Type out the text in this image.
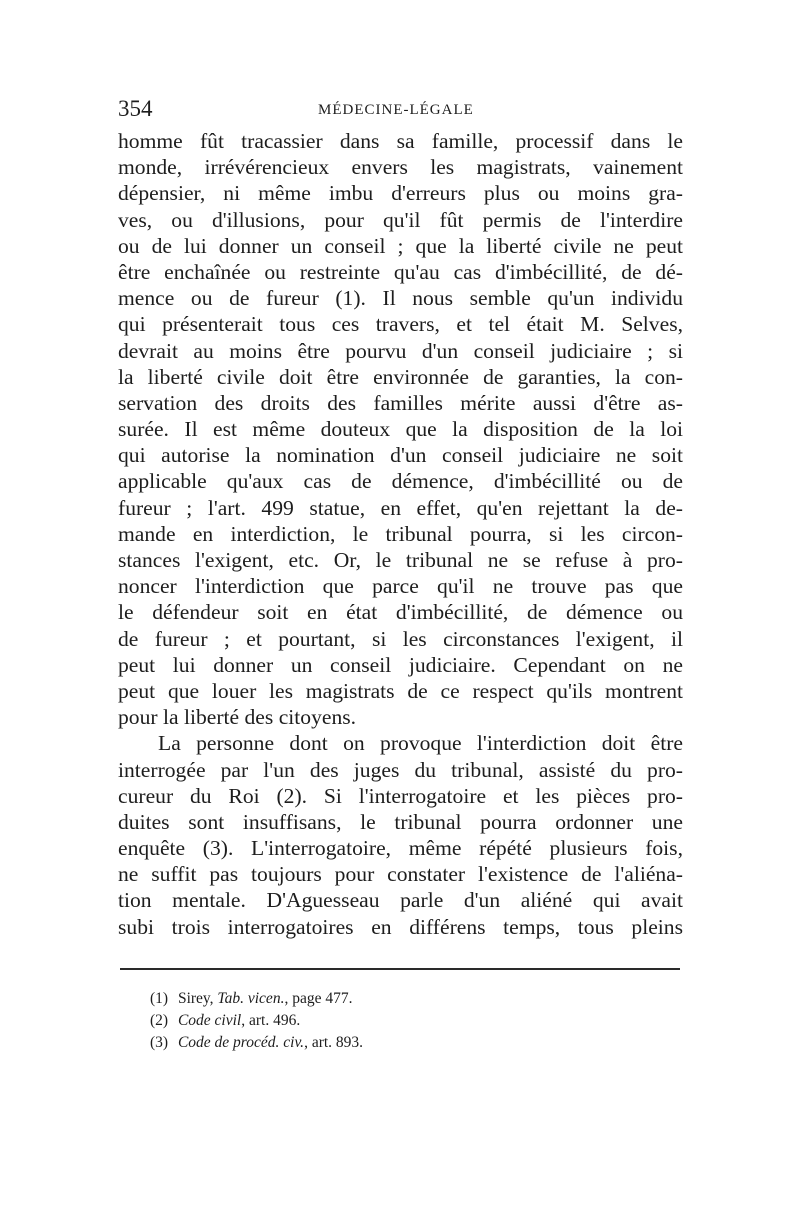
354	MÉDECINE-LÉGALE
homme fût tracassier dans sa famille, processif dans le
monde, irrévérencieux envers les magistrats, vainement
dépensier, ni même imbu d'erreurs plus ou moins gra-
ves, ou d'illusions, pour qu'il fût permis de l'interdire
ou de lui donner un conseil ; que la liberté civile ne peut
être enchaînée ou restreinte qu'au cas d'imbécillité, de dé-
mence ou de fureur (1). Il nous semble qu'un individu
qui présenterait tous ces travers, et tel était M. Selves,
devrait au moins être pourvu d'un conseil judiciaire ; si
la liberté civile doit être environnée de garanties, la con-
servation des droits des familles mérite aussi d'être as-
surée. Il est même douteux que la disposition de la loi
qui autorise la nomination d'un conseil judiciaire ne soit
applicable qu'aux cas de démence, d'imbécillité ou de
fureur ; l'art. 499 statue, en effet, qu'en rejettant la de-
mande en interdiction, le tribunal pourra, si les circon-
stances l'exigent, etc. Or, le tribunal ne se refuse à pro-
noncer l'interdiction que parce qu'il ne trouve pas que
le défendeur soit en état d'imbécillité, de démence ou
de fureur ; et pourtant, si les circonstances l'exigent, il
peut lui donner un conseil judiciaire. Cependant on ne
peut que louer les magistrats de ce respect qu'ils montrent
pour la liberté des citoyens.
La personne dont on provoque l'interdiction doit être
interrogée par l'un des juges du tribunal, assisté du pro-
cureur du Roi (2). Si l'interrogatoire et les pièces pro-
duites sont insuffisans, le tribunal pourra ordonner une
enquête (3). L'interrogatoire, même répété plusieurs fois,
ne suffit pas toujours pour constater l'existence de l'aliéna-
tion mentale. D'Aguesseau parle d'un aliéné qui avait
subi trois interrogatoires en différens temps, tous pleins
(1) Sirey, Tab. vicen., page 477.
(2) Code civil, art. 496.
(3) Code de procéd. civ., art. 893.
